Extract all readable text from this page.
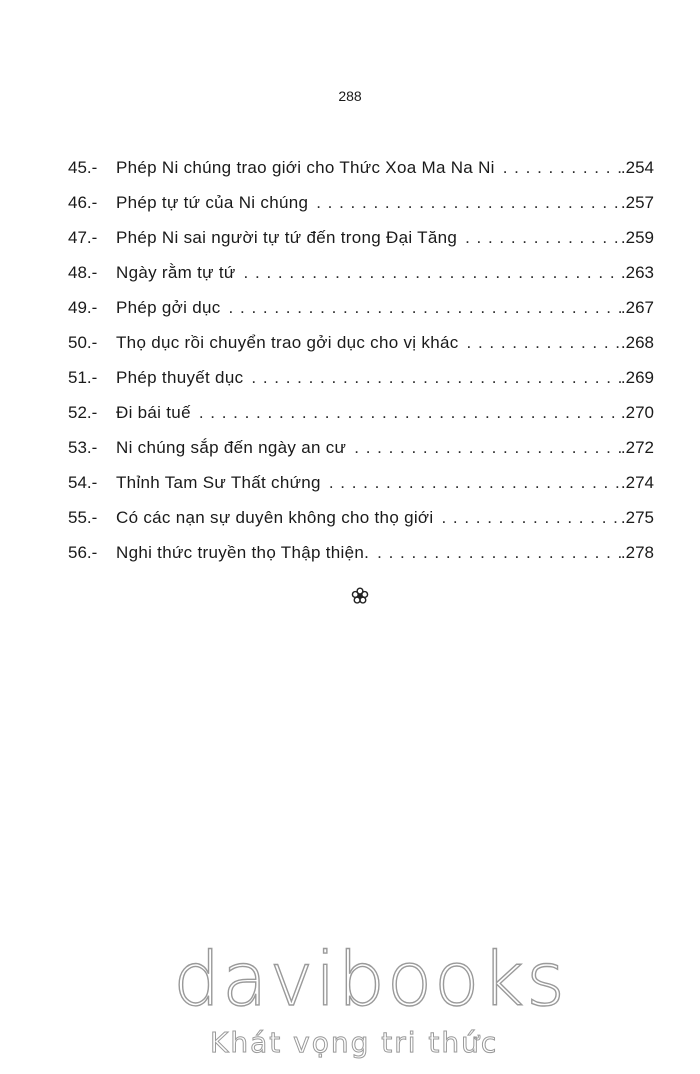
288
45.-	Phép Ni chúng trao giới cho Thức Xoa Ma Na Ni . . .	.254
46.-	Phép tự tứ của Ni chúng . . .	.257
47.-	Phép Ni sai người tự tứ đến trong Đại Tăng . . .	.259
48.-	Ngày rằm tự tứ . . .	.263
49.-	Phép gởi dục . . .	.267
50.-	Thọ dục rồi chuyển trao gởi dục cho vị khác . . .	.268
51.-	Phép thuyết dục . . .	.269
52.-	Đi bái tuế . . .	.270
53.-	Ni chúng sắp đến ngày an cư . . .	.272
54.-	Thỉnh Tam Sư Thất chứng . . .	.274
55.-	Có các nạn sự duyên không cho thọ giới . . .	.275
56.-	Nghi thức truyền thọ Thập thiện. . . .	.278
davibooks
Khát vọng tri thức
